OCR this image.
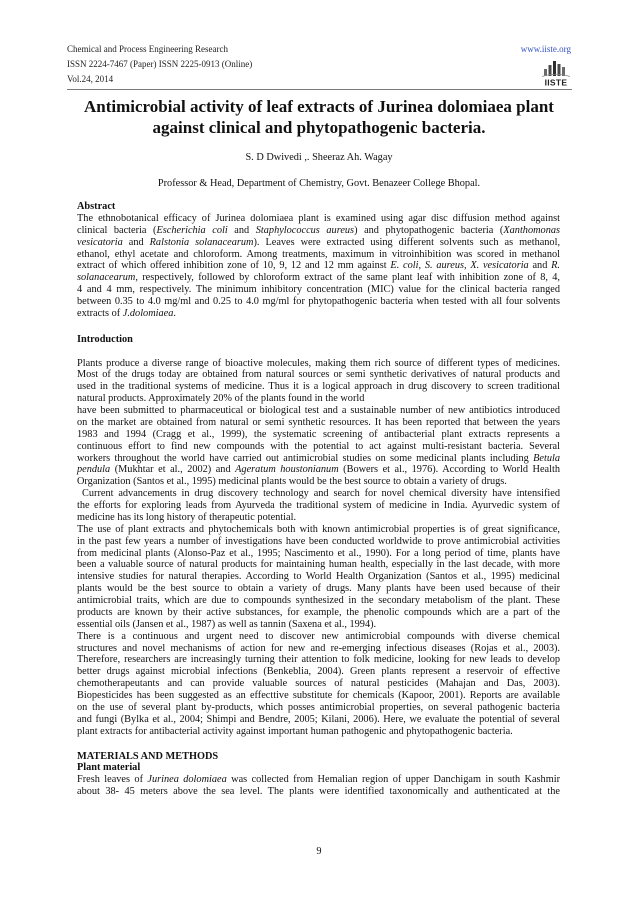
Chemical and Process Engineering Research
ISSN 2224-7467 (Paper) ISSN 2225-0913 (Online)
Vol.24, 2014
www.iiste.org
IISTE
Antimicrobial activity of leaf extracts of Jurinea dolomiaea plant
against clinical and phytopathogenic bacteria.
S. D Dwivedi ,. Sheeraz Ah. Wagay
Professor & Head, Department of Chemistry, Govt. Benazeer College Bhopal.
Abstract
The ethnobotanical efficacy of Jurinea dolomiaea plant is examined using agar disc diffusion method against
clinical bacteria (Escherichia coli and Staphylococcus aureus) and phytopathogenic bacteria (Xanthomonas
vesicatoria and Ralstonia solanacearum). Leaves were extracted using different solvents such as methanol,
ethanol, ethyl acetate and chloroform. Among treatments, maximum in vitroinhibition was scored in methanol
extract of which offered inhibition zone of 10, 9, 12 and 12 mm against E. coli, S. aureus, X. vesicatoria and R.
solanacearum, respectively, followed by chloroform extract of the same plant leaf with inhibition zone of 8, 4,
4 and 4 mm, respectively. The minimum inhibitory concentration (MIC) value for the clinical bacteria ranged
between 0.35 to 4.0 mg/ml and 0.25 to 4.0 mg/ml for phytopathogenic bacteria when tested with all four solvents
extracts of J.dolomiaea.
Introduction
Plants produce a diverse range of bioactive molecules, making them rich source of different types of medicines.
Most of the drugs today are obtained from natural sources or semi synthetic derivatives of natural products and
used in the traditional systems of medicine. Thus it is a logical approach in drug discovery to screen traditional
natural products. Approximately 20% of the plants found in the world
have been submitted to pharmaceutical or biological test and a sustainable number of new antibiotics introduced
on the market are obtained from natural or semi synthetic resources. It has been reported that between the years
1983 and 1994 (Cragg et al., 1999), the systematic screening of antibacterial plant extracts represents a
continuous effort to find new compounds with the potential to act against multi-resistant bacteria. Several
workers throughout the world have carried out antimicrobial studies on some medicinal plants including Betula
pendula (Mukhtar et al., 2002) and Ageratum houstonianum (Bowers et al., 1976). According to World Health
Organization (Santos et al., 1995) medicinal plants would be the best source to obtain a variety of drugs.
Current advancements in drug discovery technology and search for novel chemical diversity have intensified
the efforts for exploring leads from Ayurveda the traditional system of medicine in India. Ayurvedic system of
medicine has its long history of therapeutic potential.
The use of plant extracts and phytochemicals both with known antimicrobial properties is of great significance,
in the past few years a number of investigations have been conducted worldwide to prove antimicrobial activities
from medicinal plants (Alonso-Paz et al., 1995; Nascimento et al., 1990). For a long period of time, plants have
been a valuable source of natural products for maintaining human health, especially in the last decade, with more
intensive studies for natural therapies. According to World Health Organization (Santos et al., 1995) medicinal
plants would be the best source to obtain a variety of drugs. Many plants have been used because of their
antimicrobial traits, which are due to compounds synthesized in the secondary metabolism of the plant. These
products are known by their active substances, for example, the phenolic compounds which are a part of the
essential oils (Jansen et al., 1987) as well as tannin (Saxena et al., 1994).
There is a continuous and urgent need to discover new antimicrobial compounds with diverse chemical
structures and novel mechanisms of action for new and re-emerging infectious diseases (Rojas et al., 2003).
Therefore, researchers are increasingly turning their attention to folk medicine, looking for new leads to develop
better drugs against microbial infections (Benkeblia, 2004). Green plants represent a reservoir of effective
chemotherapeutants and can provide valuable sources of natural pesticides (Mahajan and Das, 2003).
Biopesticides has been suggested as an effecttive substitute for chemicals (Kapoor, 2001). Reports are available
on the use of several plant by-products, which posses antimicrobial properties, on several pathogenic bacteria
and fungi (Bylka et al., 2004; Shimpi and Bendre, 2005; Kilani, 2006). Here, we evaluate the potential of several
plant extracts for antibacterial activity against important human pathogenic and phytopathogenic bacteria.
MATERIALS AND METHODS
Plant material
Fresh leaves of Jurinea dolomiaea was collected from Hemalian region of upper Danchigam in south Kashmir
about 38- 45 meters above the sea level. The plants were identified taxonomically and authenticated at the
9
